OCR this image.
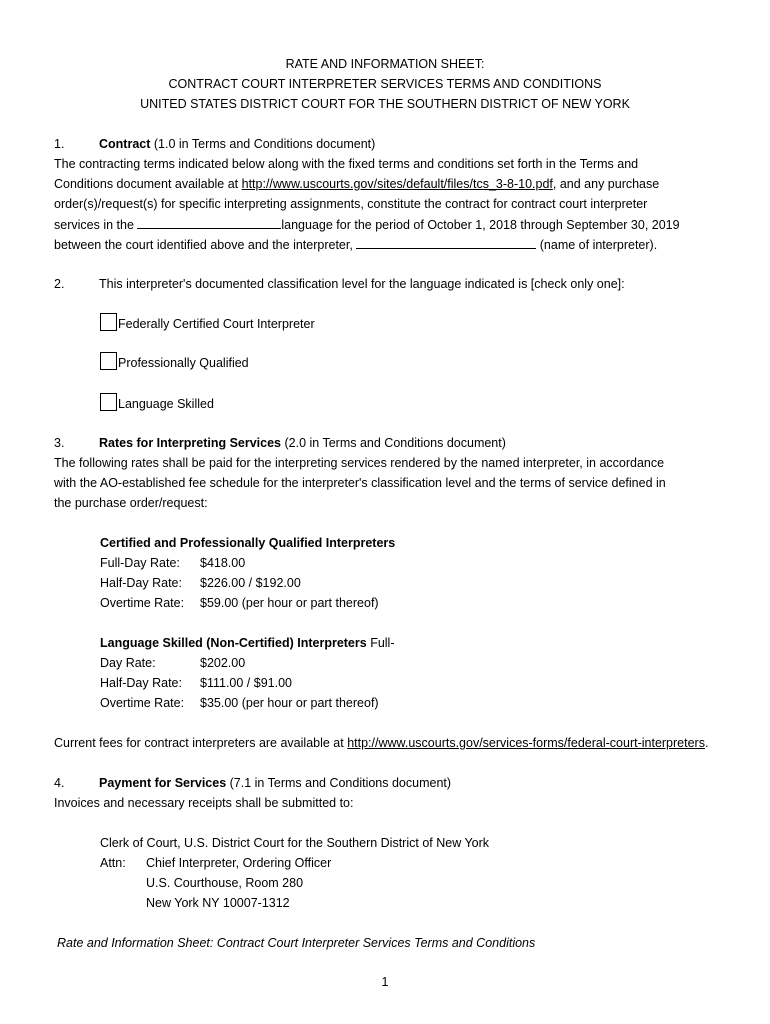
RATE AND INFORMATION SHEET:
CONTRACT COURT INTERPRETER SERVICES TERMS AND CONDITIONS
UNITED STATES DISTRICT COURT FOR THE SOUTHERN DISTRICT OF NEW YORK
1.	Contract (1.0 in Terms and Conditions document)
The contracting terms indicated below along with the fixed terms and conditions set forth in the Terms and
Conditions document available at http://www.uscourts.gov/sites/default/files/tcs_3-8-10.pdf, and any purchase
order(s)/request(s) for specific interpreting assignments, constitute the contract for contract court interpreter
services in the	language for the period of October 1, 2018 through September 30, 2019
between the court identified above and the interpreter,	(name of interpreter).
2.	This interpreter's documented classification level for the language indicated is [check only one]:
Federally Certified Court Interpreter
Professionally Qualified
Language Skilled
3.	Rates for Interpreting Services (2.0 in Terms and Conditions document)
The following rates shall be paid for the interpreting services rendered by the named interpreter, in accordance
with the AO-established fee schedule for the interpreter's classification level and the terms of service defined in
the purchase order/request:
Certified and Professionally Qualified Interpreters
Full-Day Rate: $418.00
Half-Day Rate: $226.00 / $192.00
Overtime Rate: $59.00 (per hour or part thereof)
Language Skilled (Non-Certified) Interpreters Full-
Day Rate:	$202.00
Half-Day Rate: $111.00 / $91.00
Overtime Rate: $35.00 (per hour or part thereof)
Current fees for contract interpreters are available at http://www.uscourts.gov/services-forms/federal-court-interpreters.
4.	Payment for Services (7.1 in Terms and Conditions document)
Invoices and necessary receipts shall be submitted to:
Clerk of Court, U.S. District Court for the Southern District of New York
Attn: Chief Interpreter, Ordering Officer
U.S. Courthouse, Room 280
New York NY 10007-1312
Rate and Information Sheet: Contract Court Interpreter Services Terms and Conditions
1
